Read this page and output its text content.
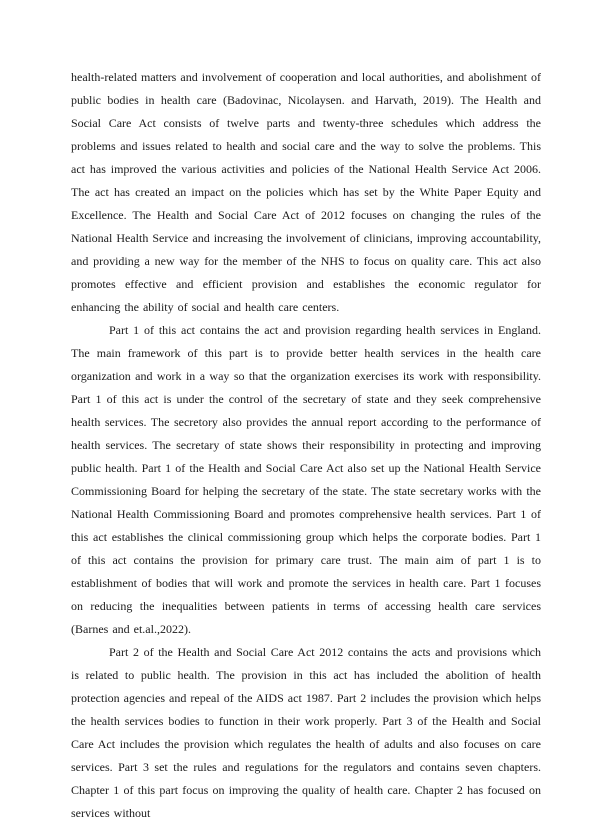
health-related matters and involvement of cooperation and local authorities, and abolishment of public bodies in health care (Badovinac, Nicolaysen. and Harvath, 2019). The Health and Social Care Act consists of twelve parts and twenty-three schedules which address the problems and issues related to health and social care and the way to solve the problems. This act has improved the various activities and policies of the National Health Service Act 2006. The act has created an impact on the policies which has set by the White Paper Equity and Excellence. The Health and Social Care Act of 2012 focuses on changing the rules of the National Health Service and increasing the involvement of clinicians, improving accountability, and providing a new way for the member of the NHS to focus on quality care. This act also promotes effective and efficient provision and establishes the economic regulator for enhancing the ability of social and health care centers.

Part 1 of this act contains the act and provision regarding health services in England. The main framework of this part is to provide better health services in the health care organization and work in a way so that the organization exercises its work with responsibility. Part 1 of this act is under the control of the secretary of state and they seek comprehensive health services. The secretory also provides the annual report according to the performance of health services. The secretary of state shows their responsibility in protecting and improving public health. Part 1 of the Health and Social Care Act also set up the National Health Service Commissioning Board for helping the secretary of the state. The state secretary works with the National Health Commissioning Board and promotes comprehensive health services. Part 1 of this act establishes the clinical commissioning group which helps the corporate bodies. Part 1 of this act contains the provision for primary care trust. The main aim of part 1 is to establishment of bodies that will work and promote the services in health care. Part 1 focuses on reducing the inequalities between patients in terms of accessing health care services (Barnes and et.al.,2022).

Part 2 of the Health and Social Care Act 2012 contains the acts and provisions which is related to public health. The provision in this act has included the abolition of health protection agencies and repeal of the AIDS act 1987. Part 2 includes the provision which helps the health services bodies to function in their work properly. Part 3 of the Health and Social Care Act includes the provision which regulates the health of adults and also focuses on care services. Part 3 set the rules and regulations for the regulators and contains seven chapters. Chapter 1 of this part focus on improving the quality of health care. Chapter 2 has focused on services without
